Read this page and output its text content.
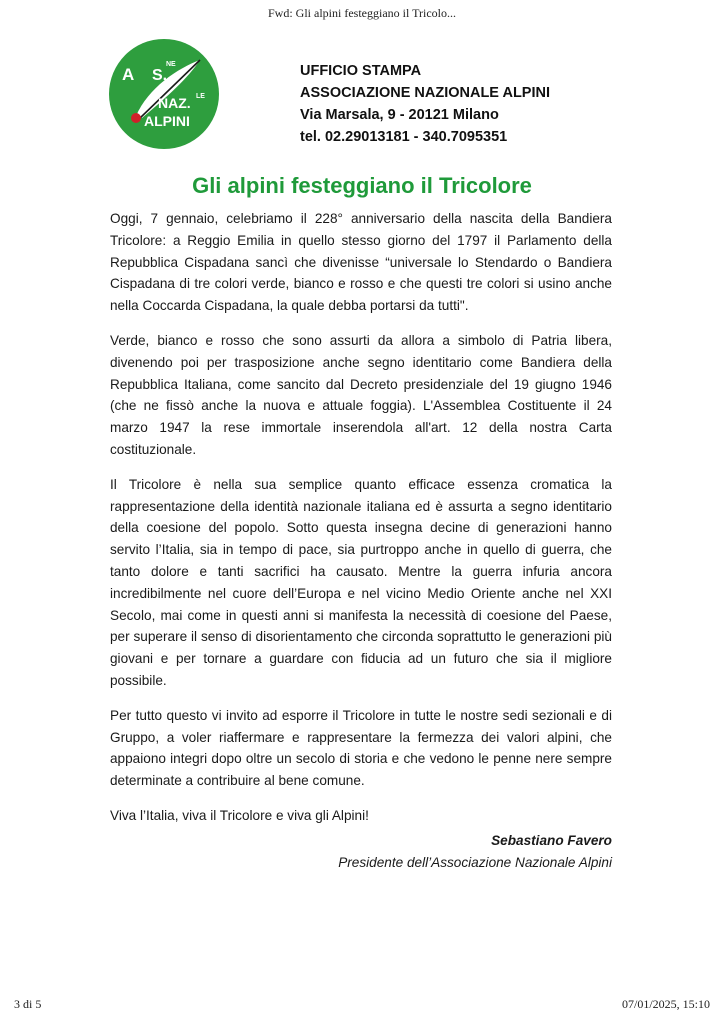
Fwd: Gli alpini festeggiano il Tricolo...
A S.
NE
NAZ. LE
ALPINI
UFFICIO STAMPA
ASSOCIAZIONE NAZIONALE ALPINI
Via Marsala, 9 - 20121 Milano
tel. 02.29013181 - 340.7095351
Gli alpini festeggiano il Tricolore

Oggi, 7 gennaio, celebriamo il 228° anniversario della nascita della Bandiera Tricolore: a Reggio Emilia in quello stesso giorno del 1797 il Parlamento della Repubblica Cispadana sancì che divenisse “universale lo Stendardo o Bandiera Cispadana di tre colori verde, bianco e rosso e che questi tre colori si usino anche nella Coccarda Cispadana, la quale debba portarsi da tutti".

Verde, bianco e rosso che sono assurti da allora a simbolo di Patria libera, divenendo poi per trasposizione anche segno identitario come Bandiera della Repubblica Italiana, come sancito dal Decreto presidenziale del 19 giugno 1946 (che ne fissò anche la nuova e attuale foggia). L'Assemblea Costituente il 24 marzo 1947 la rese immortale inserendola all'art. 12 della nostra Carta costituzionale.

Il Tricolore è nella sua semplice quanto efficace essenza cromatica la rappresentazione della identità nazionale italiana ed è assurta a segno identitario della coesione del popolo. Sotto questa insegna decine di generazioni hanno servito l’Italia, sia in tempo di pace, sia purtroppo anche in quello di guerra, che tanto dolore e tanti sacrifici ha causato. Mentre la guerra infuria ancora incredibilmente nel cuore dell’Europa e nel vicino Medio Oriente anche nel XXI Secolo, mai come in questi anni si manifesta la necessità di coesione del Paese, per superare il senso di disorientamento che circonda soprattutto le generazioni più giovani e per tornare a guardare con fiducia ad un futuro che sia il migliore possibile.

Per tutto questo vi invito ad esporre il Tricolore in tutte le nostre sedi sezionali e di Gruppo, a voler riaffermare e rappresentare la fermezza dei valori alpini, che appaiono integri dopo oltre un secolo di storia e che vedono le penne nere sempre determinate a contribuire al bene comune.

Viva l’Italia, viva il Tricolore e viva gli Alpini!

Sebastiano Favero
Presidente dell’Associazione Nazionale Alpini
3 di 5	07/01/2025, 15:10
